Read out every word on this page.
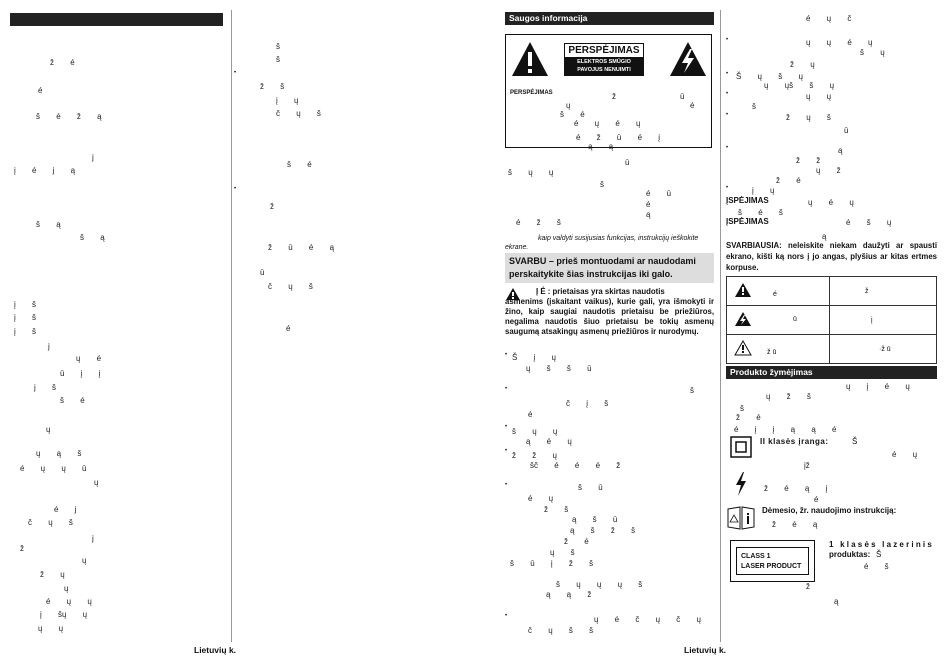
ž é
é
š é ž ą
j
į é j ą
š ą
š ą
į š
į š
į š
j
ų é
ū į į
j š
š é
ų
ų ą š
é ų ų ū
ų
é j
č ų š
j
ž
ų
ž ų
ų
é ų ų
į šų ų
ų ų
š
š
ž š
į ų
č ų š
š é
ž
ž ū é ą
ū
č ų š
é
•
•
Lietuvių k.
Saugos informacija
PERSPĖJIMAS
ELEKTROS SMŪGIO PAVOJUS NENUIMTI
PERSPĖJIMAS	ž	ū
ų	é
š é
é ų é ų
é ž ū é į
ą ą
ū
š ų ų
š
é ū
é
ą
é ž š
Š į ų
ų š š ū
š
č į š
é
š ų ų
ą é ų
ž ž ų
šč é é é ž
š ū
é ų
ž š
ą š ū
ą š ž š
ž é
ų š
š ū į ž š
š ų ų ų š
ą ą ž
ų é č ų č ų
č ų š š
é ų č
ų ų é ų
š ų
ž ų
Š ų š ų
ų ųš š ų
ų ų
š
ž ų š
ū
ą
ž ž
ų ž
ž é
į ų
ų é ų
š é š
é š ų
ą
ų į é ų
ų ž š
š
ž é
é į į ą ą é
é ų
įž
ž é ą į
é
ž é ą
é š
ž
ą
kaip valdyti susijusias funkcijas, instrukcijų ieškokite
ekrane.
SVARBU – prieš montuodami ar naudodami perskaitykite šias instrukcijas iki galo.
Į É : prietaisas yra skirtas naudotis
asmenims (įskaitant vaikus), kurie gali, yra išmokyti ir žino, kaip saugiai naudotis prietaisu be priežiūros, negalima naudotis šiuo prietaisu be tokių asmenų saugumą atsakingų asmenų priežiūros ir nurodymų.
•
•
•
•
•
•
•
•
•
•
•
•
ĮSPĖJIMAS
ĮSPĖJIMAS
SVARBIAUSIA: neleiskite niekam daužyti ar spausti ekrano, kišti ką nors į jo angas, plyšius ar kitas ertmes korpuse.
é	ž

ū	į

ž ū	·ž ū
Produkto žymėjimas
II klasės įranga:	Š
Dėmesio, žr. naudojimo instrukciją:
CLASS 1
LASER PRODUCT
1 klasės lazerinis
produktas: Š
Lietuvių k.
